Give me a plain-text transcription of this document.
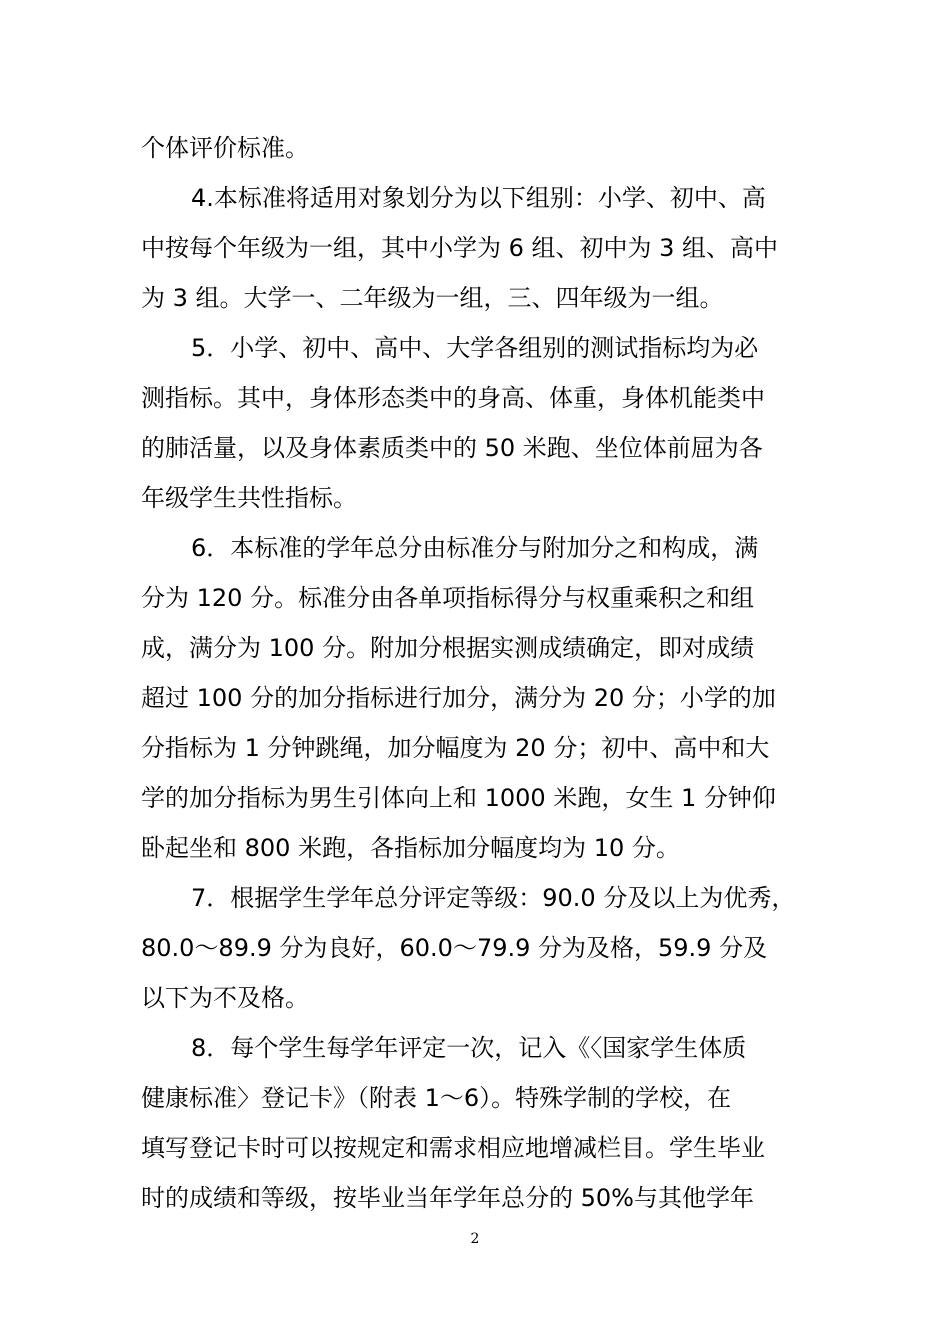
个体评价标准。
4.本标准将适用对象划分为以下组别：小学、初中、高
中按每个年级为一组，其中小学为 6 组、初中为 3 组、高中
为 3 组。大学一、二年级为一组，三、四年级为一组。
5．小学、初中、高中、大学各组别的测试指标均为必
测指标。其中，身体形态类中的身高、体重，身体机能类中
的肺活量，以及身体素质类中的 50 米跑、坐位体前屈为各
年级学生共性指标。
6．本标准的学年总分由标准分与附加分之和构成，满
分为 120 分。标准分由各单项指标得分与权重乘积之和组
成，满分为 100 分。附加分根据实测成绩确定，即对成绩
超过 100 分的加分指标进行加分，满分为 20 分；小学的加
分指标为 1 分钟跳绳，加分幅度为 20 分；初中、高中和大
学的加分指标为男生引体向上和 1000 米跑，女生 1 分钟仰
卧起坐和 800 米跑，各指标加分幅度均为 10 分。
7．根据学生学年总分评定等级：90.0 分及以上为优秀，
80.0～89.9 分为良好，60.0～79.9 分为及格，59.9 分及
以下为不及格。
8．每个学生每学年评定一次，记入《〈国家学生体质
健康标准〉登记卡》（附表 1～6）。特殊学制的学校，在
填写登记卡时可以按规定和需求相应地增减栏目。学生毕业
时的成绩和等级，按毕业当年学年总分的 50%与其他学年
2
